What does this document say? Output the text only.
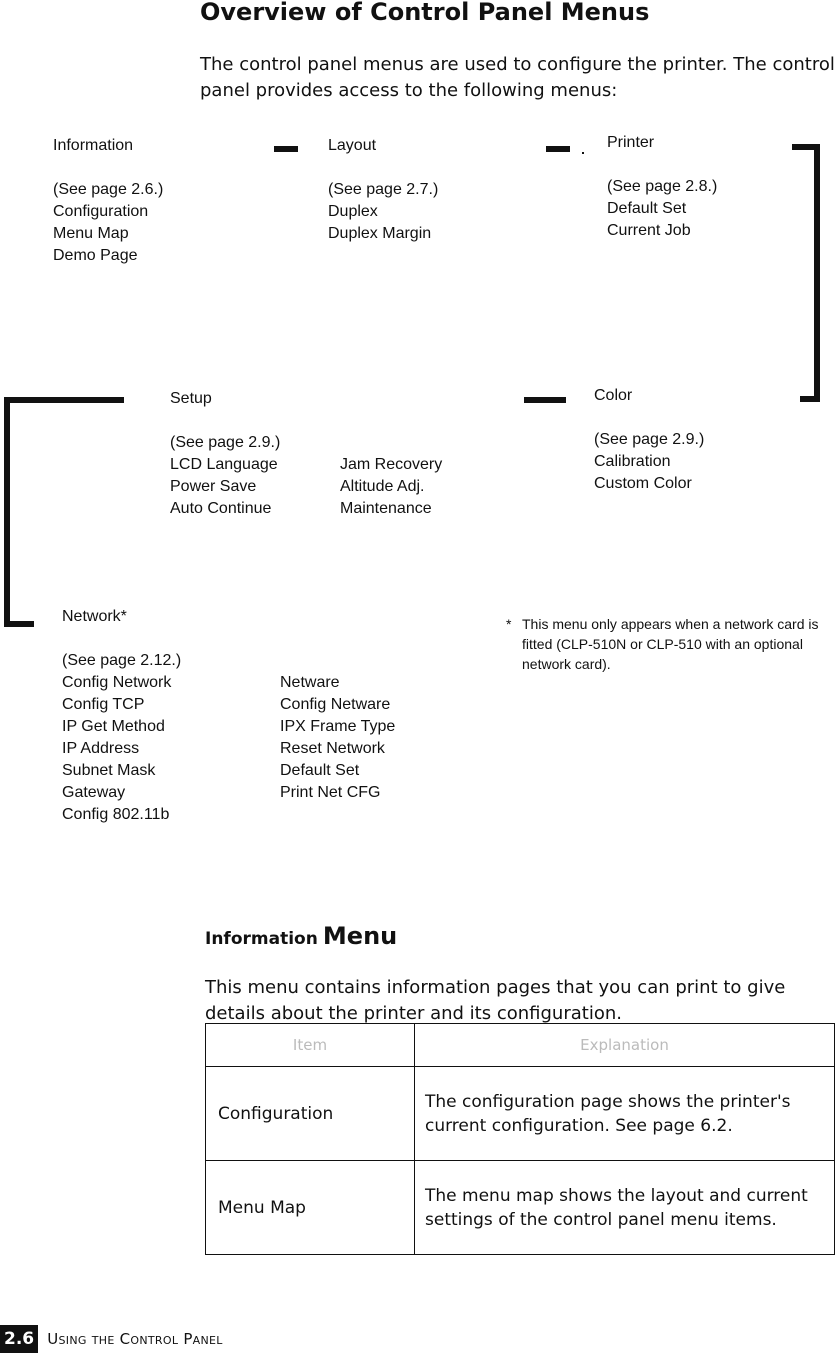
Overview of Control Panel Menus

The control panel menus are used to configure the printer. The control panel provides access to the following menus:

Information
(See page 2.6.)
Configuration
Menu Map
Demo Page
Layout
(See page 2.7.)
Duplex
Duplex Margin
Printer
(See page 2.8.)
Default Set
Current Job
Setup
(See page 2.9.)
LCD Language
Power Save
Auto Continue
Jam Recovery
Altitude Adj.
Maintenance
Color
(See page 2.9.)
Calibration
Custom Color
Network*
(See page 2.12.)
Config Network
Config TCP
IP Get Method
IP Address
Subnet Mask
Gateway
Config 802.11b
Netware
Config Netware
IPX Frame Type
Reset Network
Default Set
Print Net CFG
* This menu only appears when a network card is fitted (CLP-510N or CLP-510 with an optional network card).
Information Menu

This menu contains information pages that you can print to give details about the printer and its configuration.

Item	Explanation
Configuration	The configuration page shows the printer's current configuration. See page 6.2.
Menu Map	The menu map shows the layout and current settings of the control panel menu items.
2.6 Using the Control Panel
